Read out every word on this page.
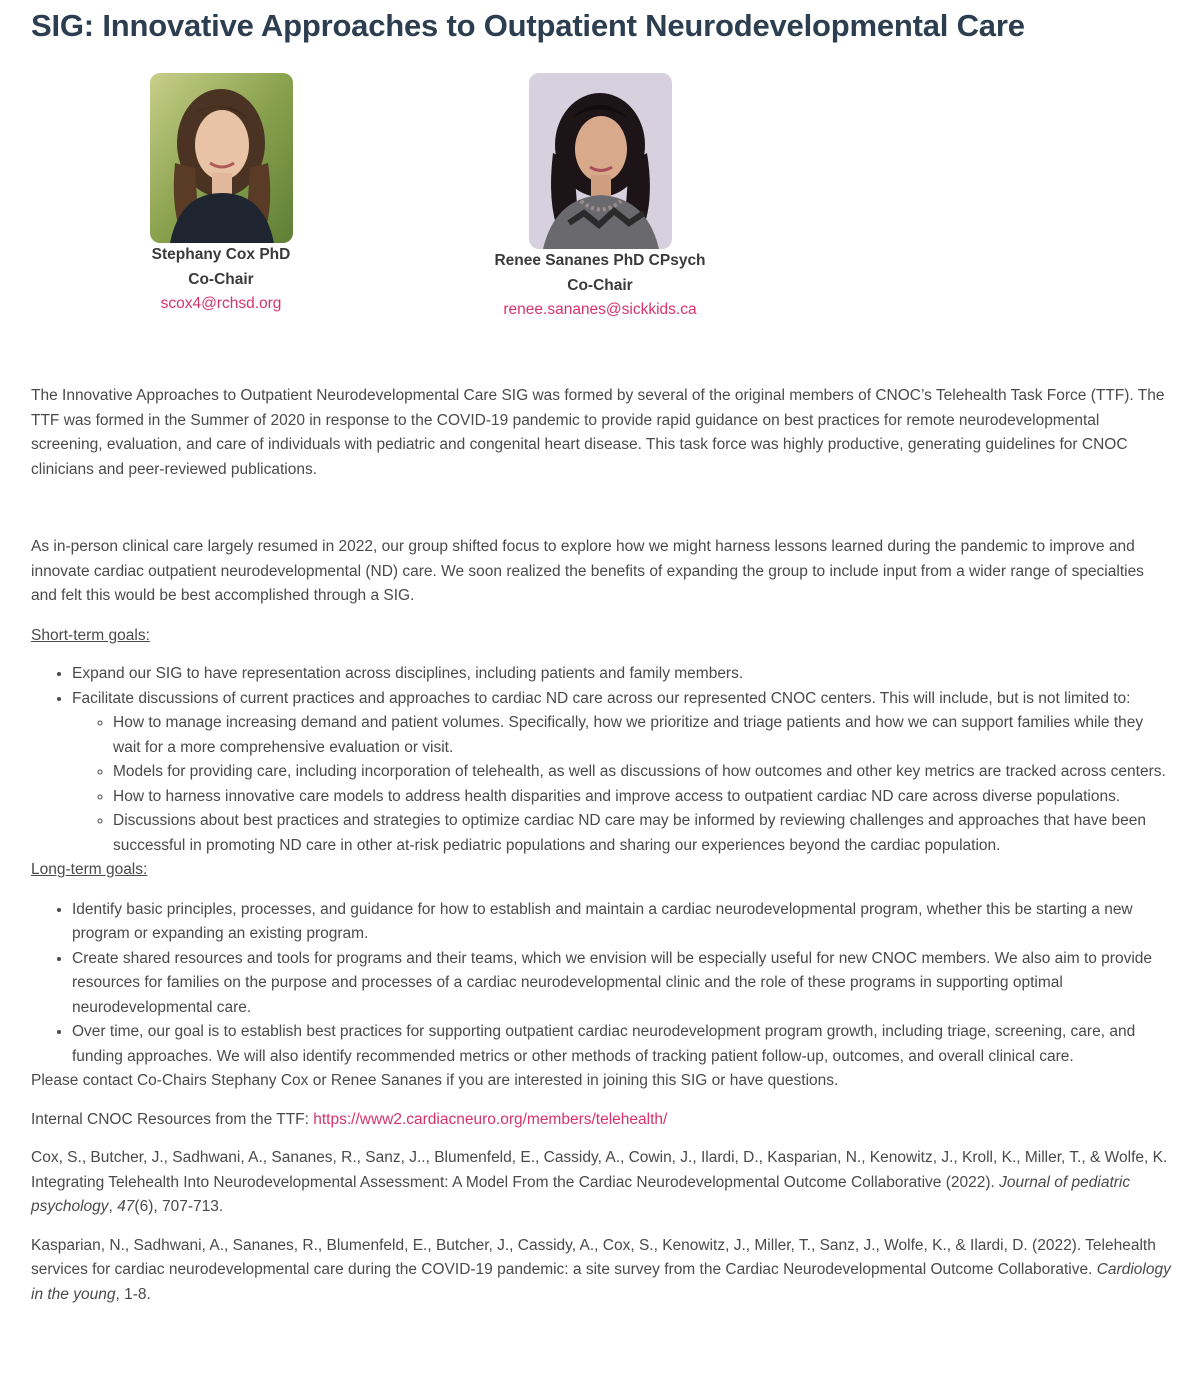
SIG: Innovative Approaches to Outpatient Neurodevelopmental Care
Stephany Cox PhD
Co-Chair
scox4@rchsd.org
Renee Sananes PhD CPsych
Co-Chair
renee.sananes@sickkids.ca

The Innovative Approaches to Outpatient Neurodevelopmental Care SIG was formed by several of the original members of CNOC’s Telehealth Task Force (TTF). The TTF was formed in the Summer of 2020 in response to the COVID-19 pandemic to provide rapid guidance on best practices for remote neurodevelopmental screening, evaluation, and care of individuals with pediatric and congenital heart disease. This task force was highly productive, generating guidelines for CNOC clinicians and peer-reviewed publications.

As in-person clinical care largely resumed in 2022, our group shifted focus to explore how we might harness lessons learned during the pandemic to improve and innovate cardiac outpatient neurodevelopmental (ND) care. We soon realized the benefits of expanding the group to include input from a wider range of specialties and felt this would be best accomplished through a SIG.

Short-term goals:

• Expand our SIG to have representation across disciplines, including patients and family members.
• Facilitate discussions of current practices and approaches to cardiac ND care across our represented CNOC centers. This will include, but is not limited to:
◦ How to manage increasing demand and patient volumes. Specifically, how we prioritize and triage patients and how we can support families while they wait for a more comprehensive evaluation or visit.
◦ Models for providing care, including incorporation of telehealth, as well as discussions of how outcomes and other key metrics are tracked across centers.
◦ How to harness innovative care models to address health disparities and improve access to outpatient cardiac ND care across diverse populations.
◦ Discussions about best practices and strategies to optimize cardiac ND care may be informed by reviewing challenges and approaches that have been successful in promoting ND care in other at-risk pediatric populations and sharing our experiences beyond the cardiac population.

Long-term goals:

• Identify basic principles, processes, and guidance for how to establish and maintain a cardiac neurodevelopmental program, whether this be starting a new program or expanding an existing program.
• Create shared resources and tools for programs and their teams, which we envision will be especially useful for new CNOC members. We also aim to provide resources for families on the purpose and processes of a cardiac neurodevelopmental clinic and the role of these programs in supporting optimal neurodevelopmental care.
• Over time, our goal is to establish best practices for supporting outpatient cardiac neurodevelopment program growth, including triage, screening, care, and funding approaches. We will also identify recommended metrics or other methods of tracking patient follow-up, outcomes, and overall clinical care.

Please contact Co-Chairs Stephany Cox or Renee Sananes if you are interested in joining this SIG or have questions.

Internal CNOC Resources from the TTF: https://www2.cardiacneuro.org/members/telehealth/

Cox, S., Butcher, J., Sadhwani, A., Sananes, R., Sanz, J.., Blumenfeld, E., Cassidy, A., Cowin, J., Ilardi, D., Kasparian, N., Kenowitz, J., Kroll, K., Miller, T., & Wolfe, K. Integrating Telehealth Into Neurodevelopmental Assessment: A Model From the Cardiac Neurodevelopmental Outcome Collaborative (2022). Journal of pediatric psychology, 47(6), 707-713.

Kasparian, N., Sadhwani, A., Sananes, R., Blumenfeld, E., Butcher, J., Cassidy, A., Cox, S., Kenowitz, J., Miller, T., Sanz, J., Wolfe, K., & Ilardi, D. (2022). Telehealth services for cardiac neurodevelopmental care during the COVID-19 pandemic: a site survey from the Cardiac Neurodevelopmental Outcome Collaborative. Cardiology in the young, 1-8.
